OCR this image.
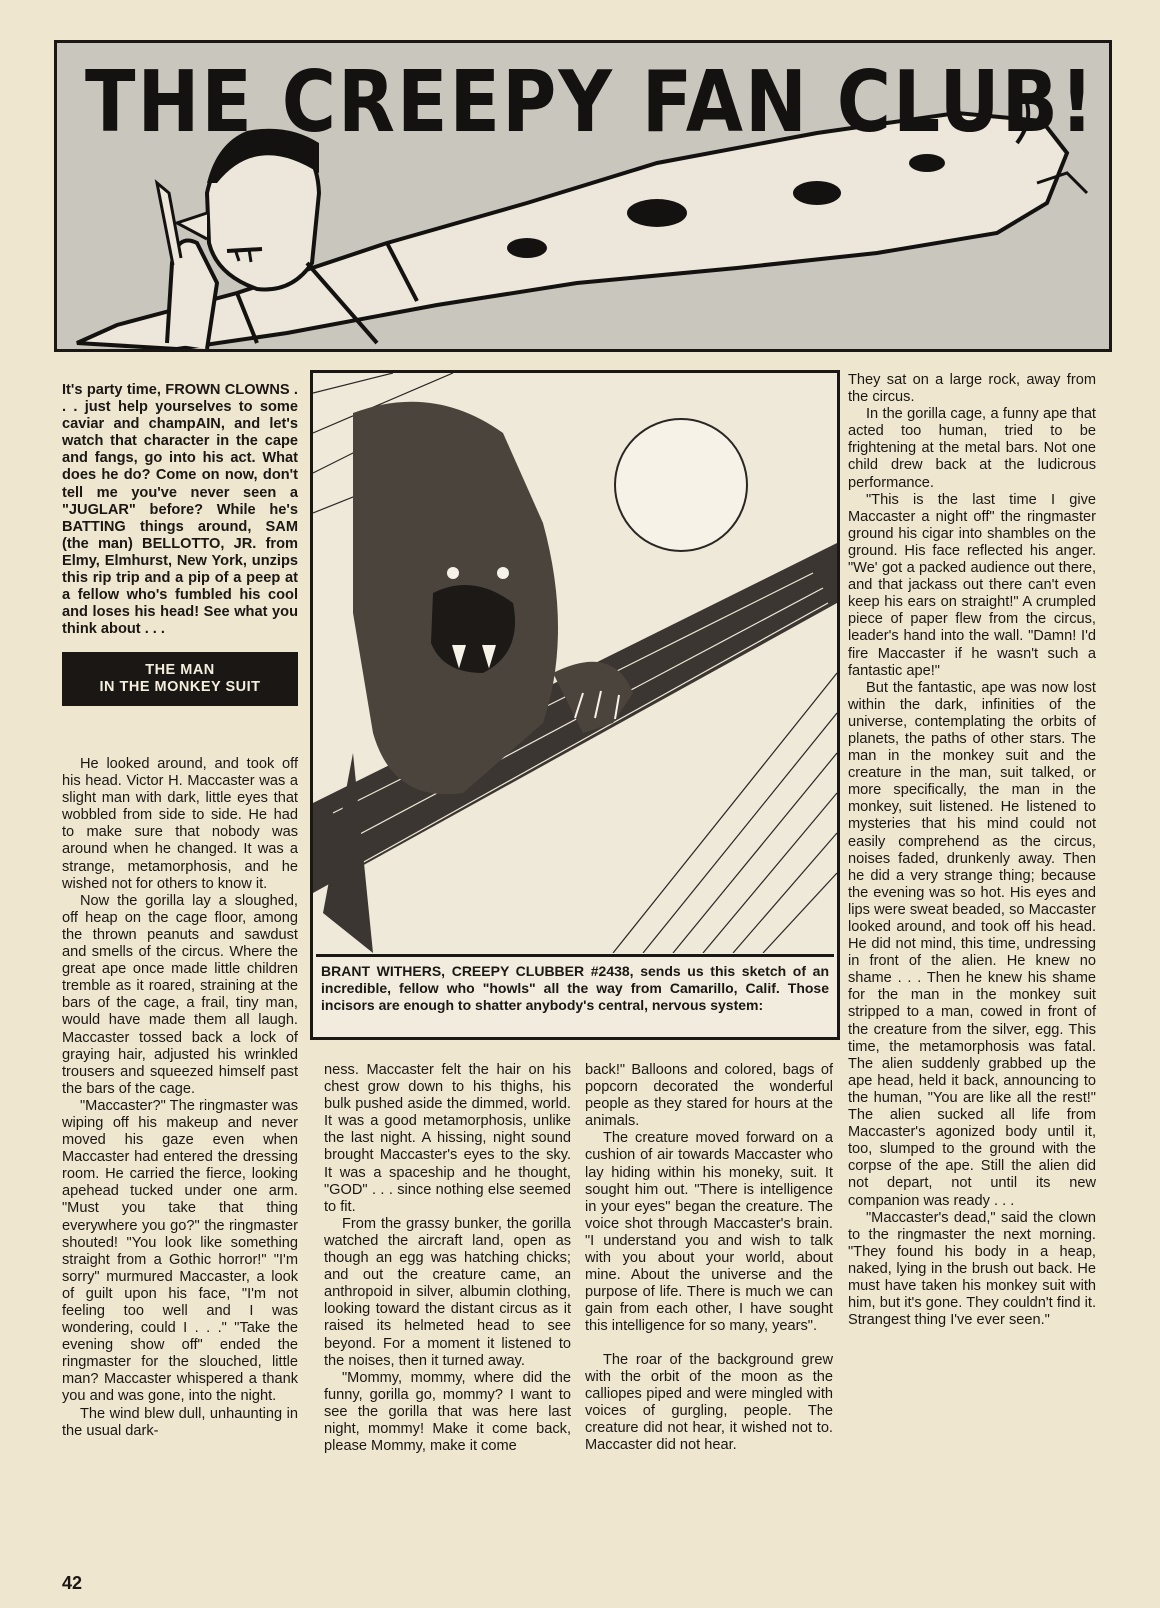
THE CREEPY FAN CLUB!

It's party time, FROWN CLOWNS . . . just help yourselves to some caviar and champAIN, and let's watch that character in the cape and fangs, go into his act. What does he do? Come on now, don't tell me you've never seen a "JUGLAR" before? While he's BATTING things around, SAM (the man) BELLOTTO, JR. from Elmy, Elmhurst, New York, unzips this rip trip and a pip of a peep at a fellow who's fumbled his cool and loses his head! See what you think about . . .

THE MAN
IN THE MONKEY SUIT

He looked around, and took off his head. Victor H. Maccaster was a slight man with dark, little eyes that wobbled from side to side. He had to make sure that nobody was around when he changed. It was a strange, metamorphosis, and he wished not for others to know it.

Now the gorilla lay a sloughed, off heap on the cage floor, among the thrown peanuts and sawdust and smells of the circus. Where the great ape once made little children tremble as it roared, straining at the bars of the cage, a frail, tiny man, would have made them all laugh. Maccaster tossed back a lock of graying hair, adjusted his wrinkled trousers and squeezed himself past the bars of the cage.

"Maccaster?" The ringmaster was wiping off his makeup and never moved his gaze even when Maccaster had entered the dressing room. He carried the fierce, looking apehead tucked under one arm. "Must you take that thing everywhere you go?" the ringmaster shouted! "You look like something straight from a Gothic horror!" "I'm sorry" murmured Maccaster, a look of guilt upon his face, "I'm not feeling too well and I was wondering, could I . . ." "Take the evening show off" ended the ringmaster for the slouched, little man? Maccaster whispered a thank you and was gone, into the night.

The wind blew dull, unhaunting in the usual dark-

BRANT WITHERS, CREEPY CLUBBER #2438, sends us this sketch of an incredible, fellow who "howls" all the way from Camarillo, Calif. Those incisors are enough to shatter anybody's central, nervous system:

ness. Maccaster felt the hair on his chest grow down to his thighs, his bulk pushed aside the dimmed, world. It was a good metamorphosis, unlike the last night. A hissing, night sound brought Maccaster's eyes to the sky. It was a spaceship and he thought, "GOD" . . . since nothing else seemed to fit.

From the grassy bunker, the gorilla watched the aircraft land, open as though an egg was hatching chicks; and out the creature came, an anthropoid in silver, albumin clothing, looking toward the distant circus as it raised its helmeted head to see beyond. For a moment it listened to the noises, then it turned away.

"Mommy, mommy, where did the funny, gorilla go, mommy? I want to see the gorilla that was here last night, mommy! Make it come back, please Mommy, make it come

back!" Balloons and colored, bags of popcorn decorated the wonderful people as they stared for hours at the animals.

The creature moved forward on a cushion of air towards Maccaster who lay hiding within his moneky, suit. It sought him out. "There is intelligence in your eyes" began the creature. The voice shot through Maccaster's brain. "I understand you and wish to talk with you about your world, about mine. About the universe and the purpose of life. There is much we can gain from each other, I have sought this intelligence for so many, years".

The roar of the background grew with the orbit of the moon as the calliopes piped and were mingled with voices of gurgling, people. The creature did not hear, it wished not to. Maccaster did not hear.

They sat on a large rock, away from the circus.

In the gorilla cage, a funny ape that acted too human, tried to be frightening at the metal bars. Not one child drew back at the ludicrous performance.

"This is the last time I give Maccaster a night off" the ringmaster ground his cigar into shambles on the ground. His face reflected his anger. "We' got a packed audience out there, and that jackass out there can't even keep his ears on straight!" A crumpled piece of paper flew from the circus, leader's hand into the wall. "Damn! I'd fire Maccaster if he wasn't such a fantastic ape!"

But the fantastic, ape was now lost within the dark, infinities of the universe, contemplating the orbits of planets, the paths of other stars. The man in the monkey suit and the creature in the man, suit talked, or more specifically, the man in the monkey, suit listened. He listened to mysteries that his mind could not easily comprehend as the circus, noises faded, drunkenly away. Then he did a very strange thing; because the evening was so hot. His eyes and lips were sweat beaded, so Maccaster looked around, and took off his head. He did not mind, this time, undressing in front of the alien. He knew no shame . . . Then he knew his shame for the man in the monkey suit stripped to a man, cowed in front of the creature from the silver, egg. This time, the metamorphosis was fatal. The alien suddenly grabbed up the ape head, held it back, announcing to the human, "You are like all the rest!" The alien sucked all life from Maccaster's agonized body until it, too, slumped to the ground with the corpse of the ape. Still the alien did not depart, not until its new companion was ready . . .

"Maccaster's dead," said the clown to the ringmaster the next morning. "They found his body in a heap, naked, lying in the brush out back. He must have taken his monkey suit with him, but it's gone. They couldn't find it. Strangest thing I've ever seen."

42
